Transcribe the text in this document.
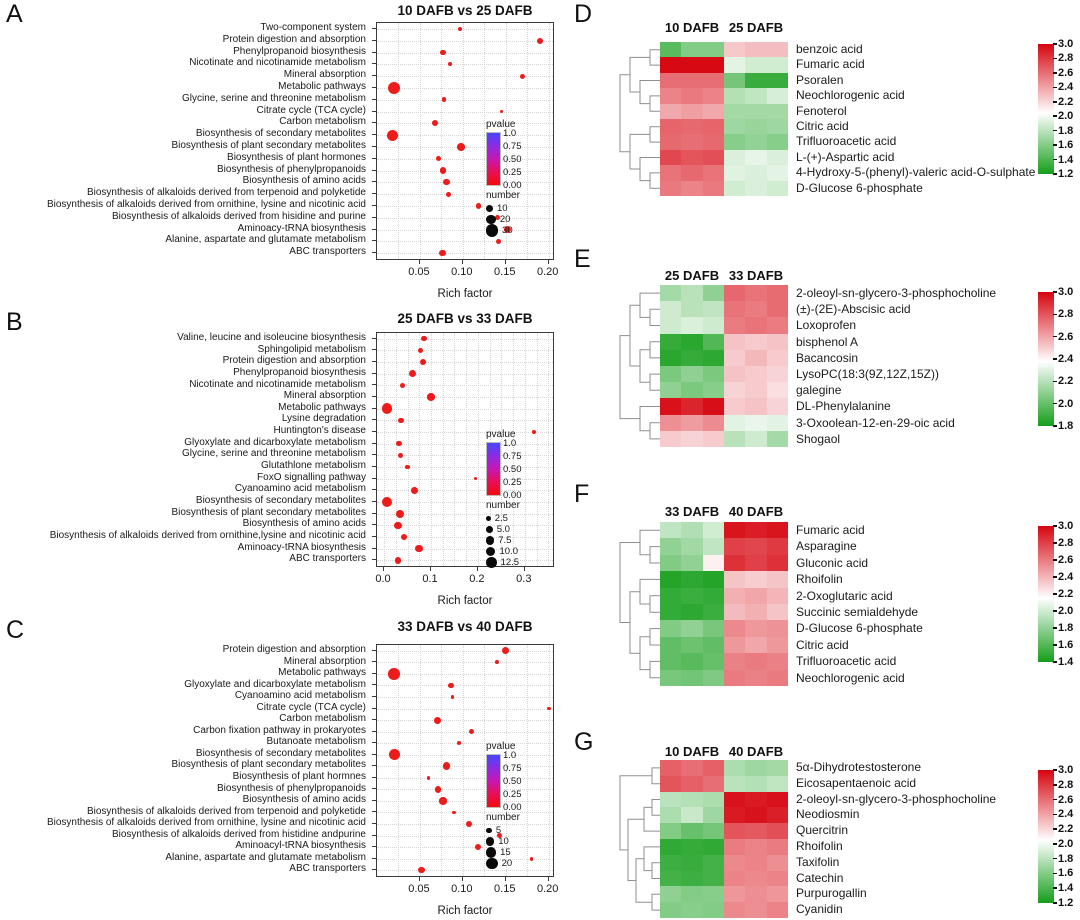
A	10 DAFB vs 25 DAFB
Two-component system
Protein digestion and absorption
Phenylpropanoid biosynthesis
Nicotinate and nicotinamide metabolism
Mineral absorption
Metabolic pathways
Glycine, serine and threonine metabolism
Citrate cycle (TCA cycle)
Carbon metabolism
Biosynthesis of secondary metabolites
Biosynthesis of plant secondary metabolites
Biosynthesis of plant hormones
Biosynthesis of phenylpropanoids
Biosynthesis of amino acids
Biosynthesis of alkaloids derived from terpenoid and polyketide
Biosynthesis of alkaloids derived from ornithine, lysine and nicotinic acid
Biosynthesis of alkaloids derived from hisidine and purine
Aminoacy-tRNA biosynthesis
Alanine, aspartate and glutamate metabolism
ABC transporters
pvalue
1.0
0.75
0.50
0.25
0.00
number
10
20
30
Rich factor
0.05	0.10	0.15	0.20
B	25 DAFB vs 33 DAFB
Valine, leucine and isoleucine biosynthesis
Sphingolipid metabolism
Protein digestion and absorption
Phenylpropanoid biosynthesis
Nicotinate and nicotinamide metabolism
Mineral absorption
Metabolic pathways
Lysine degradation
Huntington's disease
Glyoxylate and dicarboxylate metabolism
Glycine, serine and threonine metabolism
Glutathlone metabolism
FoxO signalling pathway
Cyanoamino acid metabolism
Biosynthesis of secondary metabolites
Biosynthesis of plant secondary metabolites
Biosynthesis of amino acids
Biosynthesis of alkaloids derived from ornithine,lysine and nicotinic acid
Aminoacy-tRNA biosynthesis
ABC transporters
pvalue
1.0
0.75
0.50
0.25
0.00
number
2.5
5.0
7.5
10.0
12.5
Rich factor
0.0	0.1	0.2	0.3
C	33 DAFB vs 40 DAFB
Protein digestion and absorption
Mineral absorption
Metabolic pathways
Glyoxylate and dicarboxylate metabolism
Cyanoamino acid metabolism
Citrate cycle (TCA cycle)
Carbon metabolism
Carbon fixation pathway in prokaryotes
Butanoate metabolism
Biosynthesis of secondary metabolites
Biosynthesis of plant secondary metabolites
Biosynthesis of plant hormnes
Biosynthesis of phenylpropanoids
Biosynthesis of amino acids
Biosynthesis of alkaloids derived from terpenoid and polyketide
Biosynthesis of alkaloids derived from ornithine, lysine and nicotinic acid
Biosynthesis of alkaloids derived from histidine andpurine
Aminoacyl-tRNA biosynthesis
Alanine, aspartate and glutamate metabolism
ABC transporters
pvalue
1.0
0.75
0.50
0.25
0.00
number
5
10
15
20
Rich factor
0.05	0.10	0.15	0.20
D	10 DAFB 25 DAFB
benzoic acid
Fumaric acid
Psoralen
Neochlorogenic acid
Fenoterol
Citric acid
Trifluoroacetic acid
L-(+)-Aspartic acid
4-Hydroxy-5-(phenyl)-valeric acid-O-sulphate
D-Glucose 6-phosphate
3.0
2.8
2.6
2.4
2.2
2.0
1.8
1.6
1.4
1.2
E
25 DAFB 33 DAFB
2-oleoyl-sn-glycero-3-phosphocholine
(±)-(2E)-Abscisic acid
Loxoprofen
bisphenol A
Bacancosin
LysoPC(18:3(9Z,12Z,15Z))
galegine
DL-Phenylalanine
3-Oxoolean-12-en-29-oic acid
Shogaol
3.0
2.8
2.6
2.4
2.2
2.0
1.8
F
33 DAFB 40 DAFB
Fumaric acid
Asparagine
Gluconic acid
Rhoifolin
2-Oxoglutaric acid
Succinic semialdehyde
D-Glucose 6-phosphate
Citric acid
Trifluoroacetic acid
Neochlorogenic acid
3.0
2.8
2.6
2.4
2.2
2.0
1.8
1.6
1.4
G	10 DAFB 40 DAFB
5α-Dihydrotestosterone
Eicosapentaenoic acid
2-oleoyl-sn-glycero-3-phosphocholine
Neodiosmin
Quercitrin
Rhoifolin
Taxifolin
Catechin
Purpurogallin
Cyanidin
3.0
2.8
2.6
2.4
2.2
2.0
1.8
1.6
1.4
1.2
